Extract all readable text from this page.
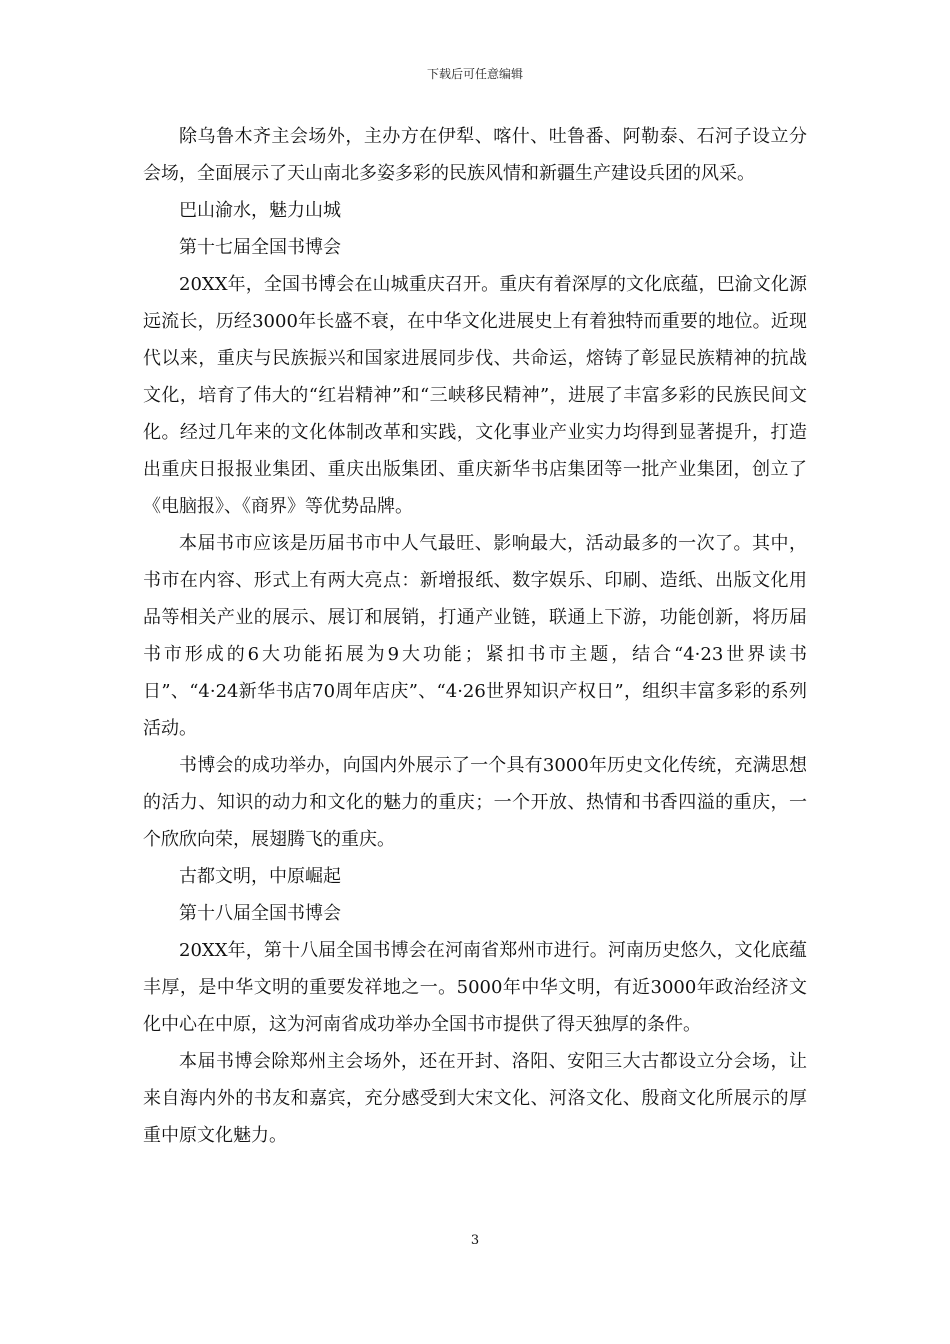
下载后可任意编辑

除乌鲁木齐主会场外，主办方在伊犁、喀什、吐鲁番、阿勒泰、石河子设立分会场，全面展示了天山南北多姿多彩的民族风情和新疆生产建设兵团的风采。

巴山渝水，魅力山城

第十七届全国书博会

20XX年，全国书博会在山城重庆召开。重庆有着深厚的文化底蕴，巴渝文化源远流长，历经3000年长盛不衰，在中华文化进展史上有着独特而重要的地位。近现代以来，重庆与民族振兴和国家进展同步伐、共命运，熔铸了彰显民族精神的抗战文化，培育了伟大的“红岩精神”和“三峡移民精神”，进展了丰富多彩的民族民间文化。经过几年来的文化体制改革和实践，文化事业产业实力均得到显著提升，打造出重庆日报报业集团、重庆出版集团、重庆新华书店集团等一批产业集团，创立了《电脑报》、《商界》等优势品牌。

本届书市应该是历届书市中人气最旺、影响最大，活动最多的一次了。其中，书市在内容、形式上有两大亮点：新增报纸、数字娱乐、印刷、造纸、出版文化用品等相关产业的展示、展订和展销，打通产业链，联通上下游，功能创新，将历届书市形成的6大功能拓展为9大功能；紧扣书市主题，结合“4·23世界读书日”、“4·24新华书店70周年店庆”、“4·26世界知识产权日”，组织丰富多彩的系列活动。

书博会的成功举办，向国内外展示了一个具有3000年历史文化传统，充满思想的活力、知识的动力和文化的魅力的重庆；一个开放、热情和书香四溢的重庆，一个欣欣向荣，展翅腾飞的重庆。

古都文明，中原崛起

第十八届全国书博会

20XX年，第十八届全国书博会在河南省郑州市进行。河南历史悠久，文化底蕴丰厚，是中华文明的重要发祥地之一。5000年中华文明，有近3000年政治经济文化中心在中原，这为河南省成功举办全国书市提供了得天独厚的条件。

本届书博会除郑州主会场外，还在开封、洛阳、安阳三大古都设立分会场，让来自海内外的书友和嘉宾，充分感受到大宋文化、河洛文化、殷商文化所展示的厚重中原文化魅力。

3
